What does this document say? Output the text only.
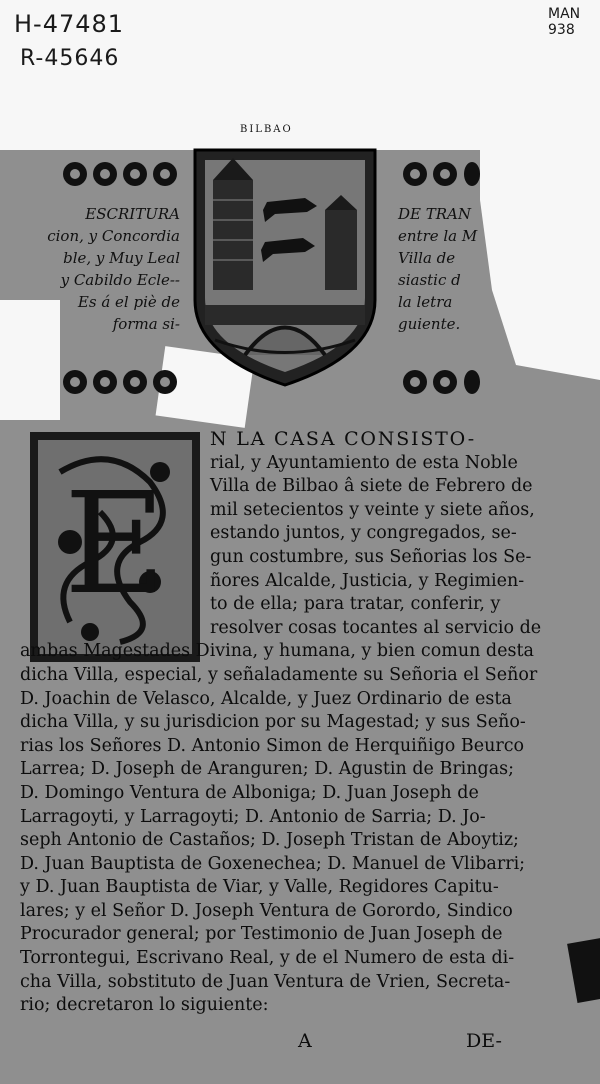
H-47481
R-45646
MAN
938
BILBAO
ESCRITURA
cion, y Concordia
ble, y Muy Leal
y Cabildo Ecle--
Es á el piè de
forma si-
DE TRAN
entre la M
Villa de
siastic d
la letra
guiente.
E
N LA CASA CONSISTO-
rial, y Ayuntamiento de esta Noble
Villa de Bilbao â siete de Febrero de
mil setecientos y veinte y siete años,
estando juntos, y congregados, se-
gun costumbre, sus Señorias los Se-
ñores Alcalde, Justicia, y Regimien-
to de ella; para tratar, conferir, y
resolver cosas tocantes al servicio de
ambas Magestades Divina, y humana, y bien comun desta
dicha Villa, especial, y señaladamente su Señoria el Señor
D. Joachin de Velasco, Alcalde, y Juez Ordinario de esta
dicha Villa, y su jurisdicion por su Magestad; y sus Seño-
rias los Señores D. Antonio Simon de Herquiñigo Beurco
Larrea; D. Joseph de Aranguren; D. Agustin de Bringas;
D. Domingo Ventura de Alboniga; D. Juan Joseph de
Larragoyti, y Larragoyti; D. Antonio de Sarria; D. Jo-
seph Antonio de Castaños; D. Joseph Tristan de Aboytiz;
D. Juan Bauptista de Goxenechea; D. Manuel de Vlibarri;
y D. Juan Bauptista de Viar, y Valle, Regidores Capitu-
lares; y el Señor D. Joseph Ventura de Gorordo, Sindico
Procurador general; por Testimonio de Juan Joseph de
Torrontegui, Escrivano Real, y de el Numero de esta di-
cha Villa, sobstituto de Juan Ventura de Vrien, Secreta-
rio; decretaron lo siguiente:
A	DE-
